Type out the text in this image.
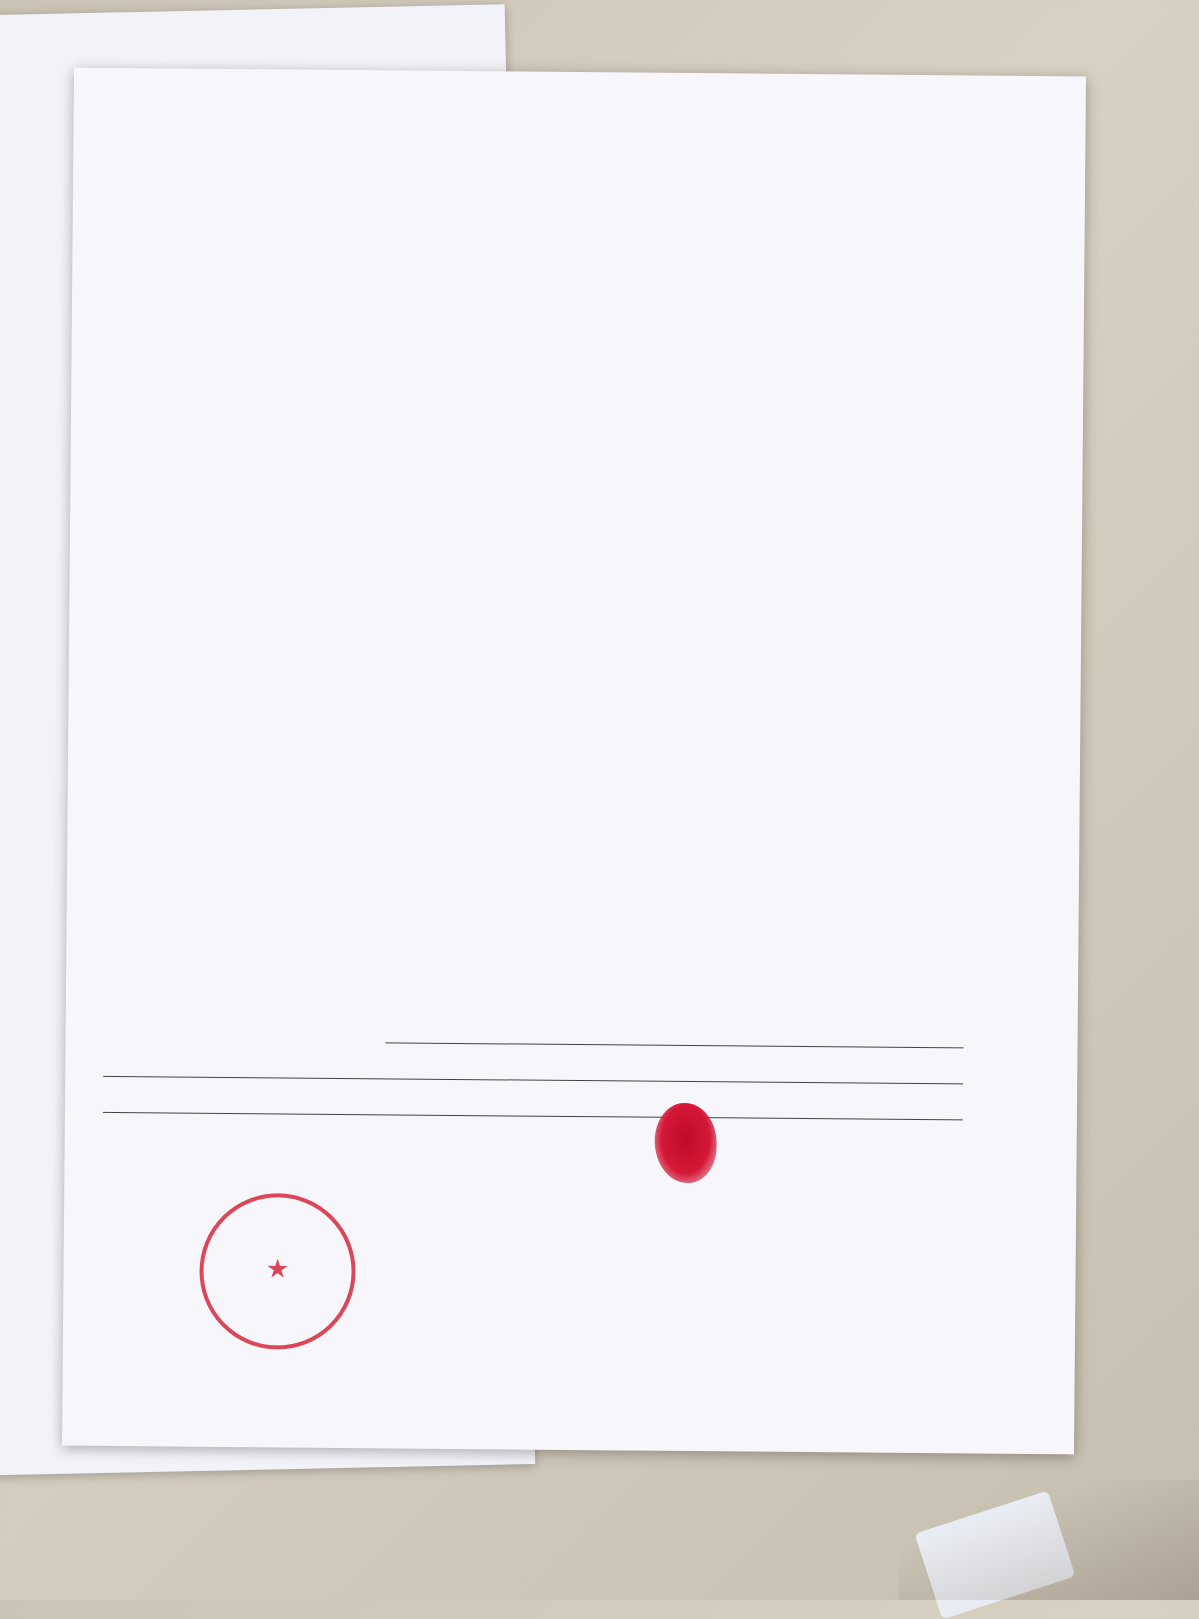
★
